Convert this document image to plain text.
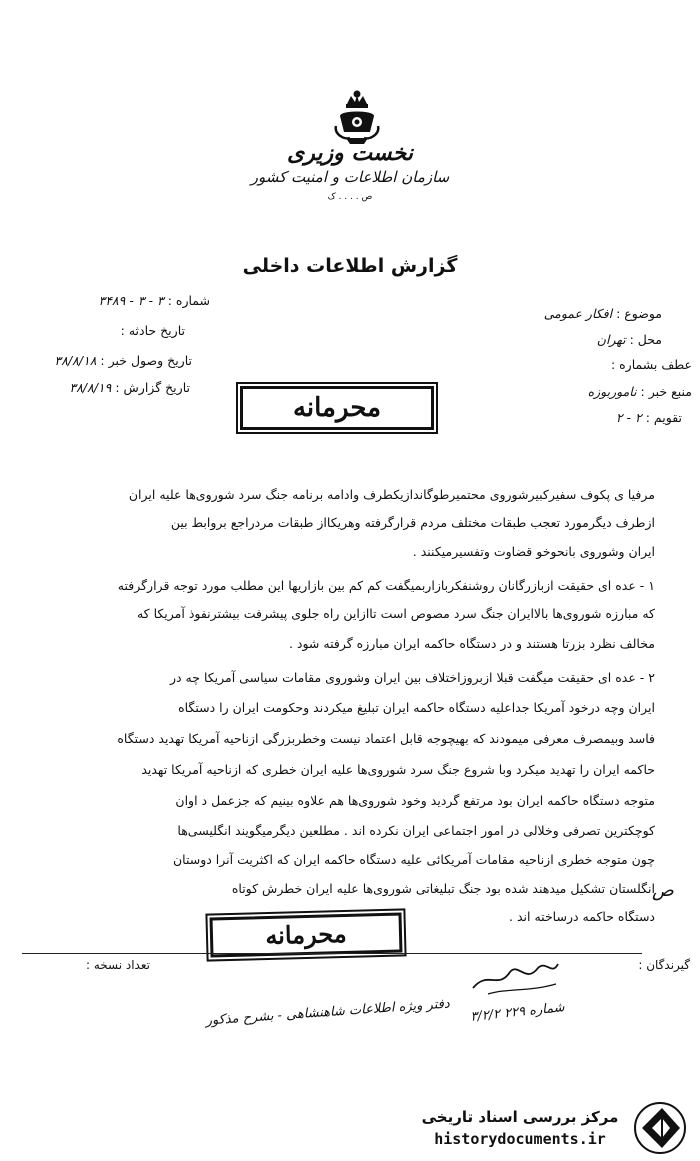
نخست وزیری
سازمان اطلاعات و امنیت کشور
ص . . . . ک
گزارش اطلاعات داخلی
موضوع : افکار عمومی
محل : تهران
عطف بشماره :
منبع خبر : ناموربوزه
تقویم : ۲ - ۲
شماره : ۳ - ۳ - ۳۴۸۹
تاریخ حادثه :
تاریخ وصول خبر : ۳۸/۸/۱۸
تاریخ گزارش : ۳۸/۸/۱۹
محرمانه
مرفیا ی پکوف سفیرکبیرشوروی محتمیرطوگاندازیکطرف وادامه برنامه جنگ سرد شوروی‌ها علیه ایران
ازطرف دیگرمورد تعجب طبقات مختلف مردم قرارگرفته وهریکااز طبقات مردراجع بروابط بین
ایران وشوروی بانحوخو قضاوت وتفسیرمیکنند .
۱ - عده ای حقیقت ازبازرگانان روشنفکربازاربمیگفت کم کم بین بازاریها این مطلب مورد توجه قرارگرفته
که مبارزه شوروی‌ها بالاایران جنگ سرد مصوص است تاازاین راه جلوی پیشرفت بیشترنفوذ آمریکا که
مخالف نظرد بزرتا هستند و در دستگاه حاکمه ایران مبارزه گرفته شود .
۲ - عده ای حقیقت میگفت قبلا ازبروزاختلاف بین ایران وشوروی مقامات سیاسی آمریکا چه در
ایران وچه درخود آمریکا جداعلیه دستگاه حاکمه ایران تبلیغ میکردند وحکومت ایران را دستگاه
فاسد وبیمصرف معرفی میمودند که بهیچوجه قابل اعتماد نیست وخطربزرگی ازناحیه آمریکا تهدید دستگاه
حاکمه ایران را تهدید میکرد وبا شروع جنگ سرد شوروی‌ها علیه ایران خطری که ازناحیه آمریکا تهدید
متوجه دستگاه حاکمه ایران بود مرتفع گردید وخود شوروی‌ها هم علاوه بینیم که جزعمل د اوان
کوچکترین تصرفی وخلالی در امور اجتماعی ایران نکرده اند . مطلعین دیگرمیگویند انگلیسی‌ها
چون متوجه خطری ازناحیه مقامات آمریکائی علیه دستگاه حاکمه ایران که اکثریت آنرا دوستان
انگلستان تشکیل میدهند شده بود جنگ تبلیغاتی شوروی‌ها علیه ایران خطرش کوتاه
دستگاه حاکمه درساخته اند .
محرمانه
ص
گیرندگان :
تعداد نسخه :
شماره ۲۲۹ ۳/۲/۲
دفتر ویژه اطلاعات شاهنشاهی - بشرح مذکور
مرکز بررسی اسناد تاریخی
historydocuments.ir
